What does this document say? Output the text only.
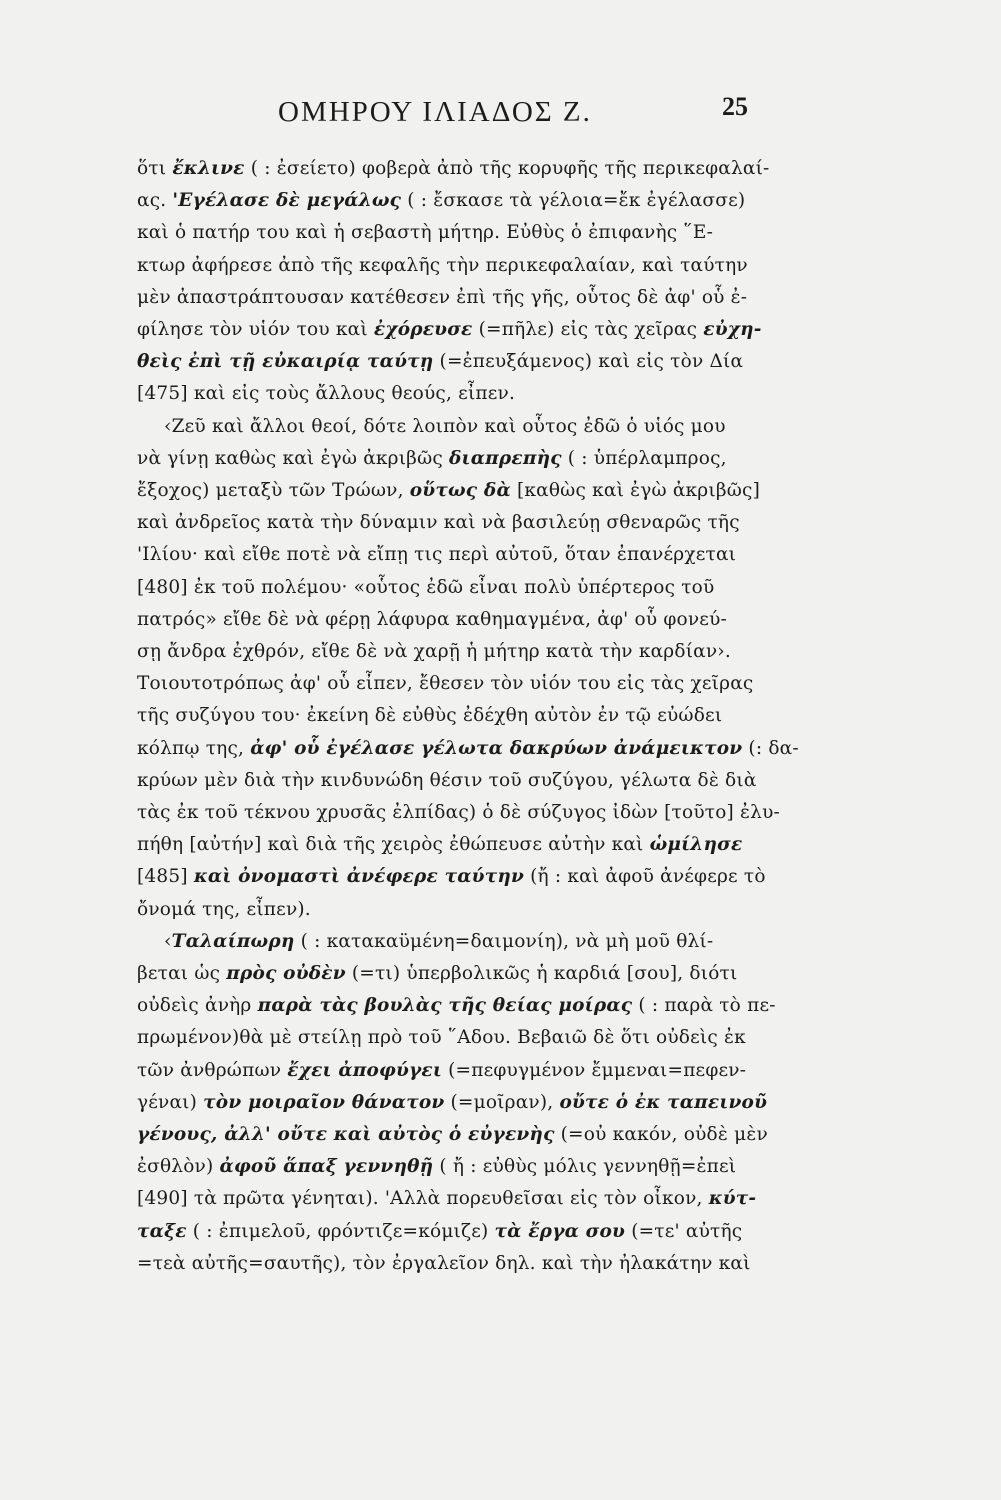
ΟΜΗΡΟΥ ΙΛΙΑΔΟΣ Ζ.	25
ὅτι ἔκλινε ( : ἐσείετο) φοβερὰ ἀπὸ τῆς κορυφῆς τῆς περικεφαλαί-
ας. 'Εγέλασε δὲ μεγάλως ( : ἔσκασε τὰ γέλοια=ἔκ ἐγέλασσε)
καὶ ὁ πατήρ του καὶ ἡ σεβαστὴ μήτηρ. Εὐθὺς ὁ ἐπιφανὴς ῞Ε-
κτωρ ἀφήρεσε ἀπὸ τῆς κεφαλῆς τὴν περικεφαλαίαν, καὶ ταύτην
μὲν ἀπαστράπτουσαν κατέθεσεν ἐπὶ τῆς γῆς, οὗτος δὲ ἀφ' οὗ ἐ-
φίλησε τὸν υἱόν του καὶ ἐχόρευσε (=πῆλε) εἰς τὰς χεῖρας εὐχη-
θεὶς ἐπὶ τῇ εὐκαιρίᾳ ταύτῃ (=ἐπευξάμενος) καὶ εἰς τὸν Δία
[475] καὶ εἰς τοὺς ἄλλους θεούς, εἶπεν.
‹Ζεῦ καὶ ἄλλοι θεοί, δότε λοιπὸν καὶ οὗτος ἐδῶ ὁ υἱός μου
νὰ γίνῃ καθὼς καὶ ἐγὼ ἀκριβῶς διαπρεπὴς ( : ὑπέρλαμπρος,
ἔξοχος) μεταξὺ τῶν Τρώων, οὕτως δὰ [καθὼς καὶ ἐγὼ ἀκριβῶς]
καὶ ἀνδρεῖος κατὰ τὴν δύναμιν καὶ νὰ βασιλεύῃ σθεναρῶς τῆς
'Ιλίου· καὶ εἴθε ποτὲ νὰ εἴπῃ τις περὶ αὐτοῦ, ὅταν ἐπανέρχεται
[480] ἐκ τοῦ πολέμου· «οὗτος ἐδῶ εἶναι πολὺ ὑπέρτερος τοῦ
πατρός» εἴθε δὲ νὰ φέρῃ λάφυρα καθημαγμένα, ἀφ' οὗ φονεύ-
σῃ ἄνδρα ἐχθρόν, εἴθε δὲ νὰ χαρῇ ἡ μήτηρ κατὰ τὴν καρδίαν›.
Τοιουτοτρόπως ἀφ' οὗ εἶπεν, ἔθεσεν τὸν υἱόν του εἰς τὰς χεῖρας
τῆς συζύγου του· ἐκείνη δὲ εὐθὺς ἐδέχθη αὐτὸν ἐν τῷ εὐώδει
κόλπῳ της, ἀφ' οὗ ἐγέλασε γέλωτα δακρύων ἀνάμεικτον (: δα-
κρύων μὲν διὰ τὴν κινδυνώδη θέσιν τοῦ συζύγου, γέλωτα δὲ διὰ
τὰς ἐκ τοῦ τέκνου χρυσᾶς ἐλπίδας) ὁ δὲ σύζυγος ἰδὼν [τοῦτο] ἐλυ-
πήθη [αὐτήν] καὶ διὰ τῆς χειρὸς ἐθώπευσε αὐτὴν καὶ ὡμίλησε
[485] καὶ ὀνομαστὶ ἀνέφερε ταύτην (ἤ : καὶ ἀφοῦ ἀνέφερε τὸ
ὄνομά της, εἶπεν).
‹Ταλαίπωρη ( : κατακαϋμένη=δαιμονίη), νὰ μὴ μοῦ θλί-
βεται ὡς πρὸς οὐδὲν (=τι) ὑπερβολικῶς ἡ καρδιά [σου], διότι
οὐδεὶς ἀνὴρ παρὰ τὰς βουλὰς τῆς θείας μοίρας ( : παρὰ τὸ πε-
πρωμένον)θὰ μὲ στείλῃ πρὸ τοῦ ῞Αδου. Βεβαιῶ δὲ ὅτι οὐδεὶς ἐκ
τῶν ἀνθρώπων ἔχει ἀποφύγει (=πεφυγμένον ἔμμεναι=πεφεν-
γέναι) τὸν μοιραῖον θάνατον (=μοῖραν), οὔτε ὁ ἐκ ταπεινοῦ
γένους, ἀλλ' οὔτε καὶ αὐτὸς ὁ εὐγενὴς (=οὐ κακόν, οὐδὲ μὲν
ἐσθλὸν) ἀφοῦ ἅπαξ γεννηθῇ ( ἤ : εὐθὺς μόλις γεννηθῇ=ἐπεὶ
[490] τὰ πρῶτα γένηται). 'Αλλὰ πορευθεῖσαι εἰς τὸν οἶκον, κύτ-
ταξε ( : ἐπιμελοῦ, φρόντιζε=κόμιζε) τὰ ἔργα σου (=τε' αὐτῆς
=τεὰ αὐτῆς=σαυτῆς), τὸν ἐργαλεῖον δηλ. καὶ τὴν ἠλακάτην καὶ
